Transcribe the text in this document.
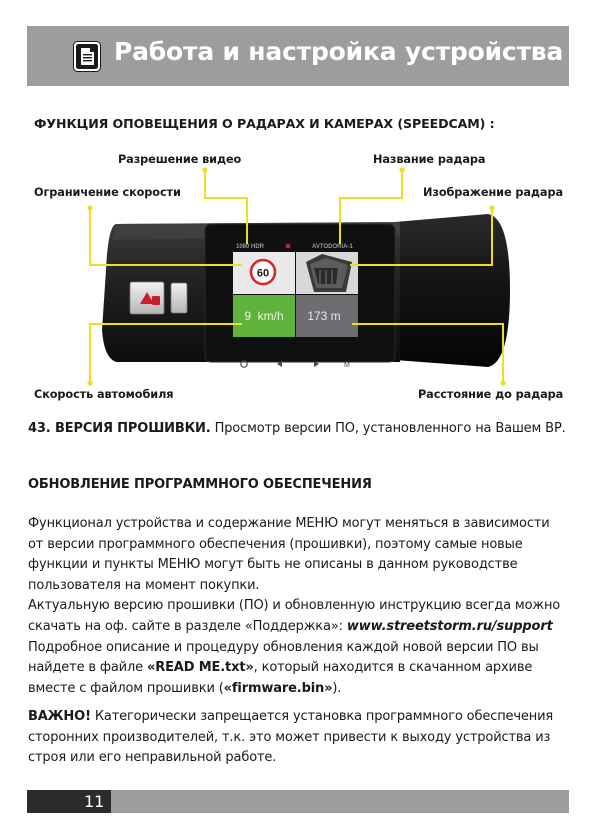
Работа и настройка устройства
ФУНКЦИЯ ОПОВЕЩЕНИЯ О РАДАРАХ И КАМЕРАХ (SPEEDCAM) :
Разрешение видео	Название радара
Ограничение скорости	Изображение радара
Скорость автомобиля	Расстояние до радара
1080 HDR	AVTODORIA-1
60
9  km/h 173 m
M
43. ВЕРСИЯ ПРОШИВКИ. Просмотр версии ПО, установленного на Вашем ВР.
ОБНОВЛЕНИЕ ПРОГРАММНОГО ОБЕСПЕЧЕНИЯ
Функционал устройства и содержание МЕНЮ могут меняться в зависимости
от версии программного обеспечения (прошивки), поэтому самые новые
функции и пункты МЕНЮ могут быть не описаны в данном руководстве
пользователя на момент покупки.
Актуальную версию прошивки (ПО) и обновленную инструкцию всегда можно
скачать на оф. сайте в разделе «Поддержка»: www.streetstorm.ru/support
Подробное описание и процедуру обновления каждой новой версии ПО вы
найдете в файле «READ ME.txt», который находится в скачанном архиве
вместе с файлом прошивки («firmware.bin»).
ВАЖНО! Категорически запрещается установка программного обеспечения
сторонних производителей, т.к. это может привести к выходу устройства из
строя или его неправильной работе.
11
